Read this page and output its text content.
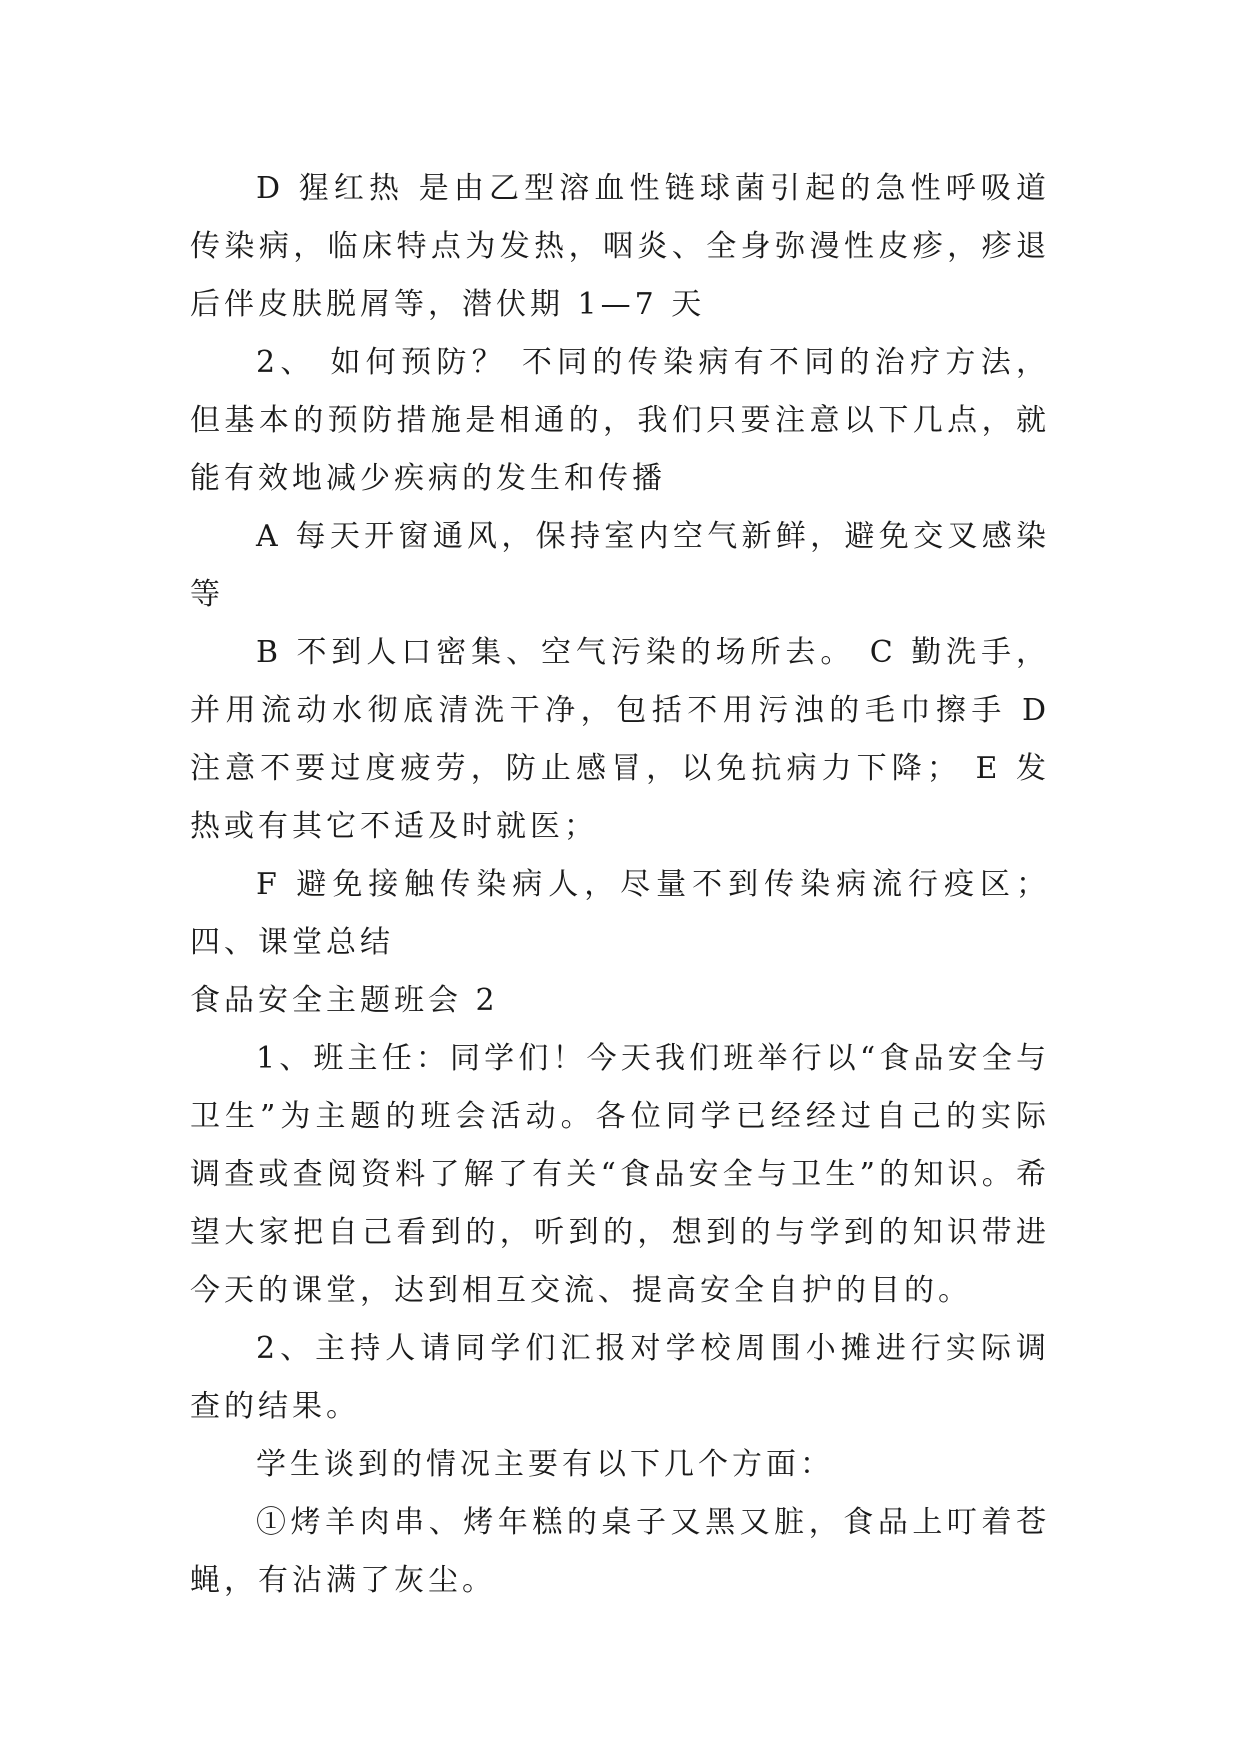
D 猩红热 是由乙型溶血性链球菌引起的急性呼吸道传染病，临床特点为发热，咽炎、全身弥漫性皮疹，疹退后伴皮肤脱屑等，潜伏期 1—7 天

2、 如何预防？ 不同的传染病有不同的治疗方法，但基本的预防措施是相通的，我们只要注意以下几点，就能有效地减少疾病的发生和传播

A 每天开窗通风，保持室内空气新鲜，避免交叉感染等

B 不到人口密集、空气污染的场所去。 C 勤洗手，并用流动水彻底清洗干净，包括不用污浊的毛巾擦手 D 注意不要过度疲劳，防止感冒，以免抗病力下降； E 发热或有其它不适及时就医；

F 避免接触传染病人，尽量不到传染病流行疫区； 四、课堂总结

食品安全主题班会 2

1、班主任：同学们！今天我们班举行以“食品安全与卫生”为主题的班会活动。各位同学已经经过自己的实际调查或查阅资料了解了有关“食品安全与卫生”的知识。希望大家把自己看到的，听到的，想到的与学到的知识带进今天的课堂，达到相互交流、提高安全自护的目的。

2、主持人请同学们汇报对学校周围小摊进行实际调查的结果。

学生谈到的情况主要有以下几个方面：

①烤羊肉串、烤年糕的桌子又黑又脏，食品上叮着苍蝇，有沾满了灰尘。
